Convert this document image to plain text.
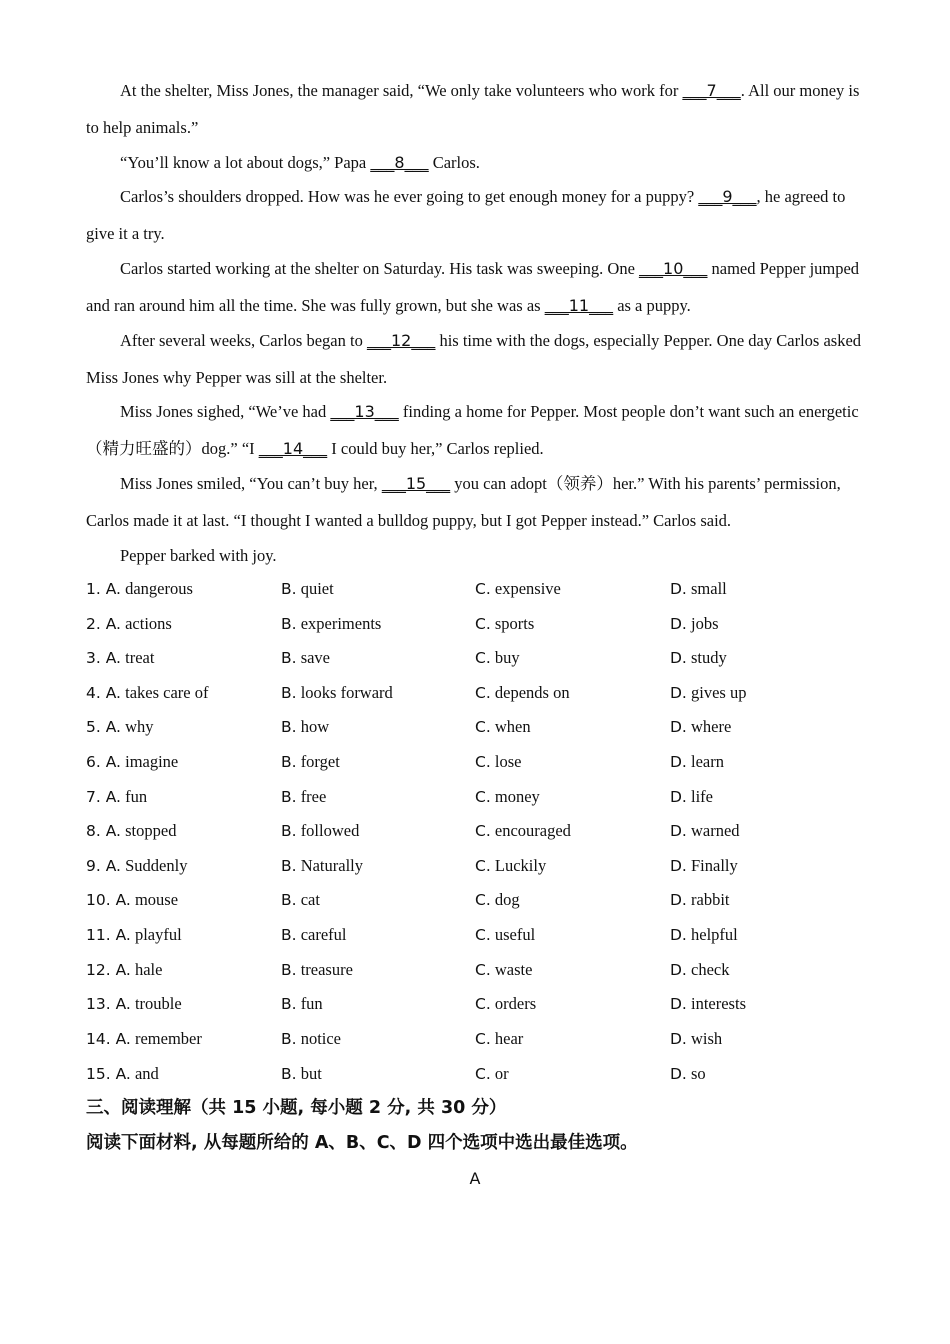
At the shelter, Miss Jones, the manager said, “We only take volunteers who work for ___7___. All our money is to help animals.”

“You’ll know a lot about dogs,” Papa ___8___ Carlos.

Carlos’s shoulders dropped. How was he ever going to get enough money for a puppy? ___9___, he agreed to give it a try.

Carlos started working at the shelter on Saturday. His task was sweeping. One ___10___ named Pepper jumped and ran around him all the time. She was fully grown, but she was as ___11___ as a puppy.

After several weeks, Carlos began to ___12___ his time with the dogs, especially Pepper. One day Carlos asked Miss Jones why Pepper was sill at the shelter.

Miss Jones sighed, “We’ve had ___13___ finding a home for Pepper. Most people don’t want such an energetic（精力旺盛的）dog.” “I ___14___ I could buy her,” Carlos replied.

Miss Jones smiled, “You can’t buy her, ___15___ you can adopt（领养）her.” With his parents’ permission, Carlos made it at last. “I thought I wanted a bulldog puppy, but I got Pepper instead.” Carlos said.

Pepper barked with joy.

1. A. dangerous	B. quiet	C. expensive	D. small
2. A. actions	B. experiments	C. sports	D. jobs
3. A. treat	B. save	C. buy	D. study
4. A. takes care of	B. looks forward	C. depends on	D. gives up
5. A. why	B. how	C. when	D. where
6. A. imagine	B. forget	C. lose	D. learn
7. A. fun	B. free	C. money	D. life
8. A. stopped	B. followed	C. encouraged	D. warned
9. A. Suddenly	B. Naturally	C. Luckily	D. Finally
10. A. mouse	B. cat	C. dog	D. rabbit
11. A. playful	B. careful	C. useful	D. helpful
12. A. hale	B. treasure	C. waste	D. check
13. A. trouble	B. fun	C. orders	D. interests
14. A. remember	B. notice	C. hear	D. wish
15. A. and	B. but	C. or	D. so

三、阅读理解（共 15 小题, 每小题 2 分, 共 30 分）

阅读下面材料, 从每题所给的 A、B、C、D 四个选项中选出最佳选项。

A
